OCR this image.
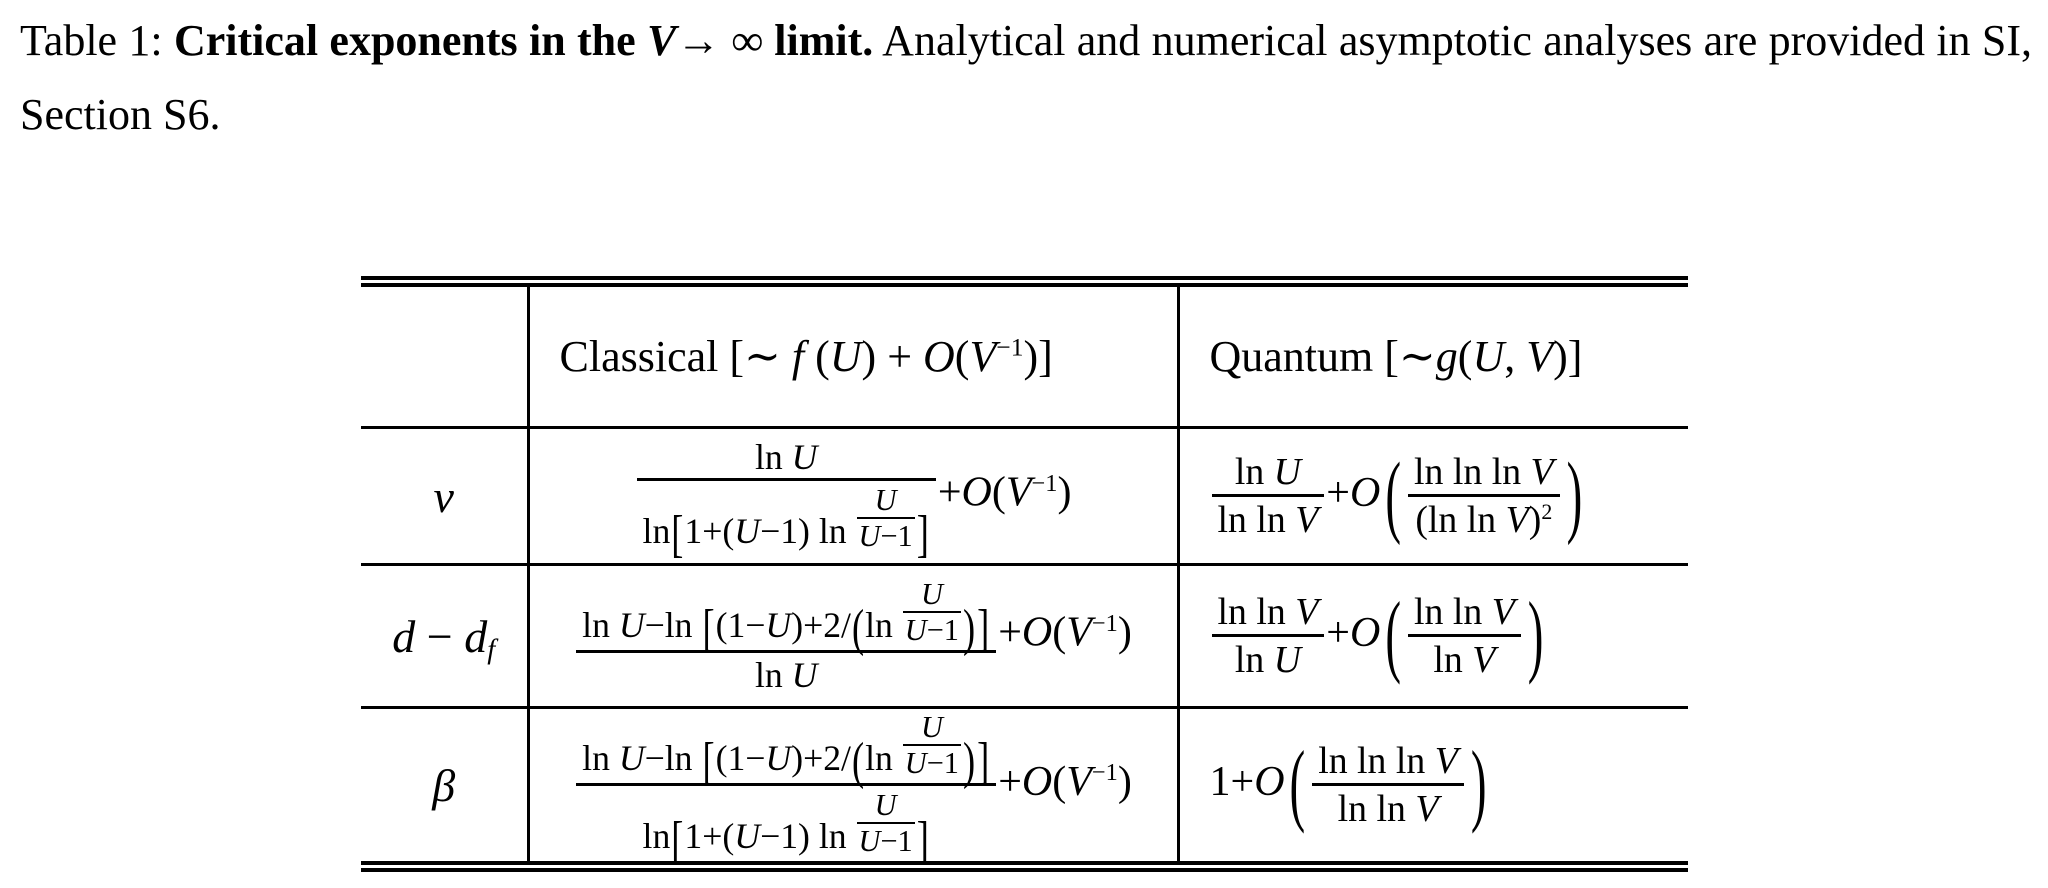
Table 1: Critical exponents in the V→ ∞ limit. Analytical and numerical asymptotic analyses are provided in SI, Section S6.
	Classical [∼ f $(U) + O(V^{-1})$]	Quantum [∼g(U, V)]
ν	$\frac{\text{ln U}}{\ln[1+(U-1) \ln \frac{U}{U-1} ]} +O(V^{-1})$	$\frac{\text{ln U}}{\text{ln ln V}} +O$ ( $\frac{\text{ln ln ln V}}{(\ln \ln V)^2}$ )
$d - d_f$	$\frac{\ln U-\ln [(1-U)+2/(\ln \frac{U}{U-1} )]}{\text{ln U}} +O(V^{-1})$	$\frac{\text{ln ln V}}{\text{ln U}} +O$ ( $\frac{\text{ln ln V}}{\text{ln V}}$ )
β	$\frac{\ln U-\ln [(1-U)+2/(\ln \frac{U}{U-1} )]}{\ln[1+(U-1) \ln \frac{U}{U-1} ]} +O(V^{-1})$	1+O ( $\frac{\text{ln ln ln V}}{\text{ln ln V}}$ )
